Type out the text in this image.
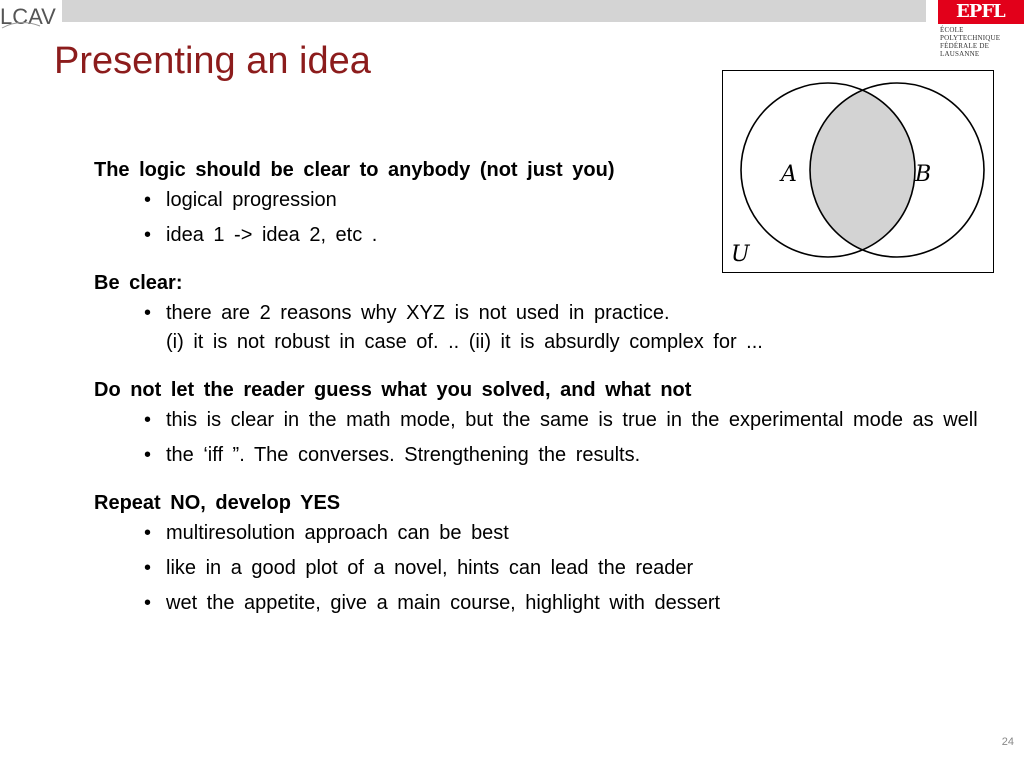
LCAV	EPFL
ÉCOLE POLYTECHNIQUE
FÉDÉRALE DE LAUSANNE
Presenting an idea
A	B
U

The logic should be clear to anybody (not just you)

• logical progression
• idea 1 -> idea 2, etc .

Be clear:

• there are 2 reasons why XYZ is not used in practice.
(i) it is not robust in case of. .. (ii) it is absurdly complex for ...

Do not let the reader guess what you solved, and what not

• this is clear in the math mode, but the same is true in the experimental mode as well
• the ‘iff ”. The converses. Strengthening the results.

Repeat NO, develop YES

• multiresolution approach can be best
• like in a good plot of a novel, hints can lead the reader
• wet the appetite, give a main course, highlight with dessert
24
